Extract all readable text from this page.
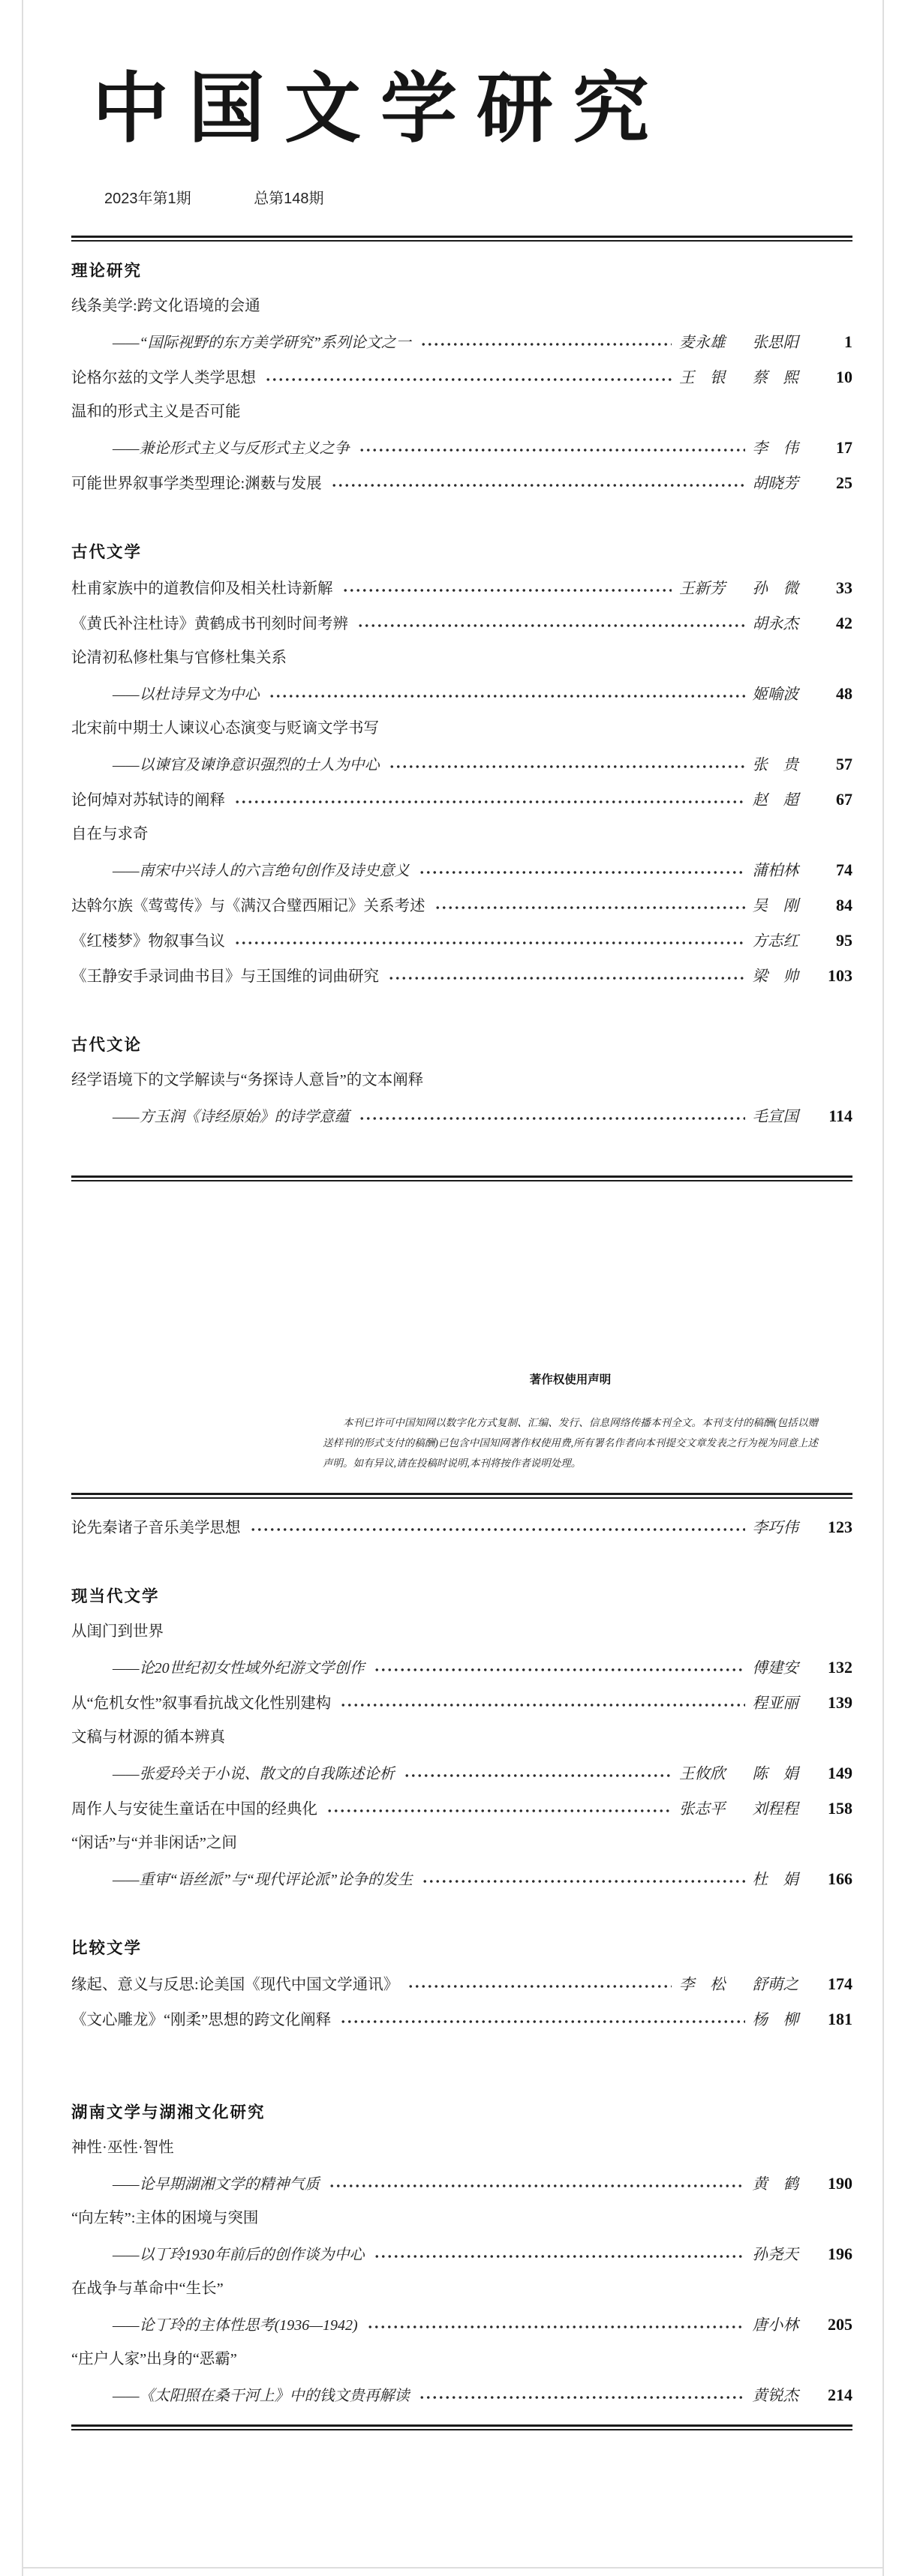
中国文学研究
2023年第1期	总第148期
理论研究
线条美学:跨文化语境的会通
——“国际视野的东方美学研究”系列论文之一	麦永雄 张思阳	1
论格尔兹的文学人类学思想	王　银 蔡　熙	10
温和的形式主义是否可能
——兼论形式主义与反形式主义之争	李　伟	17
可能世界叙事学类型理论:渊薮与发展	胡晓芳	25
古代文学
杜甫家族中的道教信仰及相关杜诗新解	王新芳 孙　微	33
《黄氏补注杜诗》黄鹤成书刊刻时间考辨	胡永杰	42
论清初私修杜集与官修杜集关系
——以杜诗异文为中心	姬喻波	48
北宋前中期士人谏议心态演变与贬谪文学书写
——以谏官及谏诤意识强烈的士人为中心	张　贵	57
论何焯对苏轼诗的阐释	赵　超	67
自在与求奇
——南宋中兴诗人的六言绝句创作及诗史意义	蒲柏林	74
达斡尔族《莺莺传》与《满汉合璧西厢记》关系考述	吴　刚	84
《红楼梦》物叙事刍议	方志红	95
《王静安手录词曲书目》与王国维的词曲研究	梁　帅	103
古代文论
经学语境下的文学解读与“务探诗人意旨”的文本阐释
——方玉润《诗经原始》的诗学意蕴	毛宣国	114
著作权使用声明
本刊已许可中国知网以数字化方式复制、汇编、发行、信息网络传播本刊全文。本刊支付的稿酬(包括以赠送样刊的形式支付的稿酬)已包含中国知网著作权使用费,所有署名作者向本刊提交文章发表之行为视为同意上述声明。如有异议,请在投稿时说明,本刊将按作者说明处理。
论先秦诸子音乐美学思想	李巧伟	123
现当代文学
从闺门到世界
——论20世纪初女性域外纪游文学创作	傅建安	132
从“危机女性”叙事看抗战文化性别建构	程亚丽	139
文稿与材源的循本辨真
——张爱玲关于小说、散文的自我陈述论析	王攸欣 陈　娟	149
周作人与安徒生童话在中国的经典化	张志平 刘程程	158
“闲话”与“并非闲话”之间
——重审“语丝派”与“现代评论派”论争的发生	杜　娟	166
比较文学
缘起、意义与反思:论美国《现代中国文学通讯》	李　松 舒萌之	174
《文心雕龙》“刚柔”思想的跨文化阐释	杨　柳	181
湖南文学与湖湘文化研究
神性·巫性·智性
——论早期湖湘文学的精神气质	黄　鹤	190
“向左转”:主体的困境与突围
——以丁玲1930年前后的创作谈为中心	孙尧天	196
在战争与革命中“生长”
——论丁玲的主体性思考(1936—1942)	唐小林	205
“庄户人家”出身的“恶霸”
——《太阳照在桑干河上》中的钱文贵再解读	黄锐杰	214
